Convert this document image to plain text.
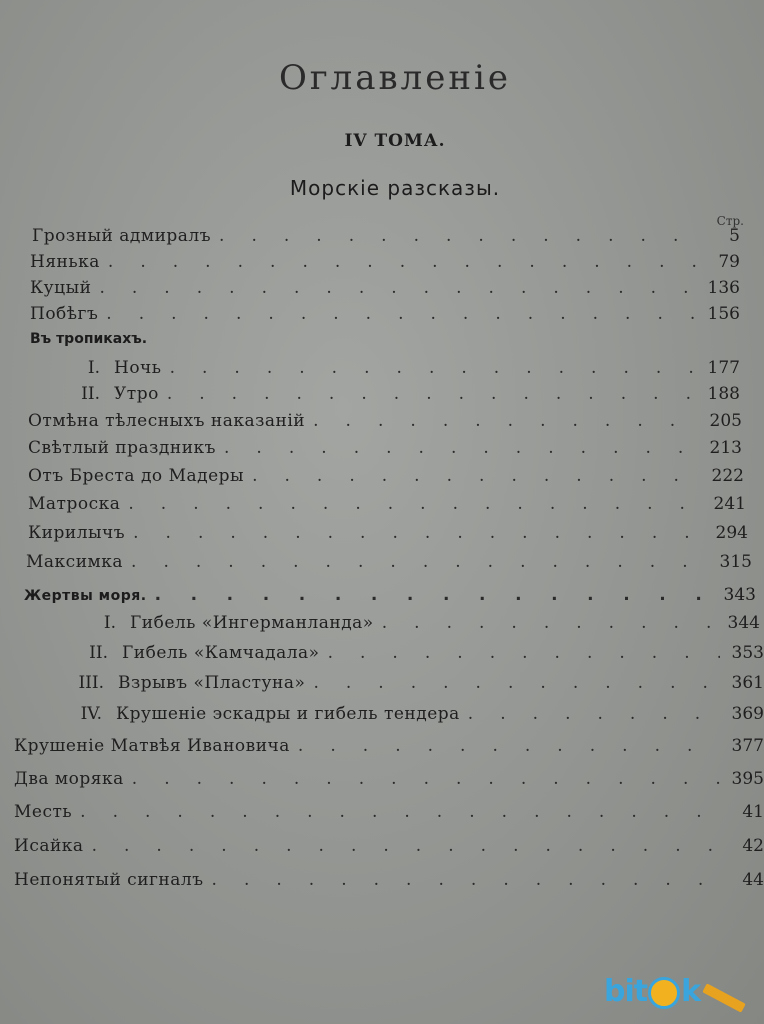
Оглавленіе
IV ТОМА.
Морскіе разсказы.
Стр.
Грозный адмиралъ .	5
Нянька .	79
Куцый .	136
Побѣгъ .	156
Въ тропикахъ.
I. Ночь .	177
II. Утро .	188
Отмѣна тѣлесныхъ наказаній .	205
Свѣтлый праздникъ .	213
Отъ Бреста до Мадеры .	222
Матроска .	241
Кирилычъ .	294
Максимка .	315
Жертвы моря. .	343
I. Гибель «Ингерманланда» .	344
II. Гибель «Камчадала» .	353
III. Взрывъ «Пластуна» .	361
IV. Крушеніе эскадры и гибель тендера .	369
Крушеніе Матвѣя Ивановича .	377
Два моряка .	395
Месть .	41
Исайка .	42
Непонятый сигналъ .	44
bit k
